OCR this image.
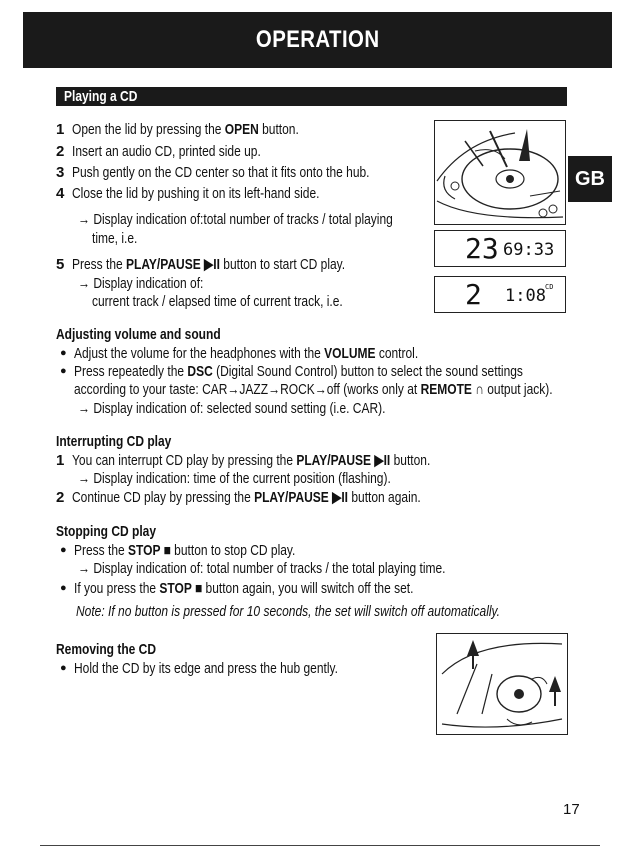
OPERATION
GB
Playing a CD
1 Open the lid by pressing the OPEN button.
2 Insert an audio CD, printed side up.
3 Push gently on the CD center so that it fits onto the hub.
4 Close the lid by pushing it on its left-hand side.
→ Display indication of:total number of tracks / total playing
time, i.e.
5 Press the PLAY/PAUSE ▶II button to start CD play.
→ Display indication of:
current track / elapsed time of current track, i.e.
23 69:33
2 1:08 CD
Adjusting volume and sound
● Adjust the volume for the headphones with the VOLUME control.
● Press repeatedly the DSC (Digital Sound Control) button to select the sound settings
according to your taste: CAR→JAZZ→ROCK→off (works only at REMOTE ∩ output jack).
→ Display indication of: selected sound setting (i.e. CAR).
Interrupting CD play
1 You can interrupt CD play by pressing the PLAY/PAUSE ▶II button.
→ Display indication: time of the current position (flashing).
2 Continue CD play by pressing the PLAY/PAUSE ▶II button again.
Stopping CD play
● Press the STOP ■ button to stop CD play.
→ Display indication of: total number of tracks / the total playing time.
● If you press the STOP ■ button again, you will switch off the set.
Note: If no button is pressed for 10 seconds, the set will switch off automatically.
Removing the CD
● Hold the CD by its edge and press the hub gently.
17
